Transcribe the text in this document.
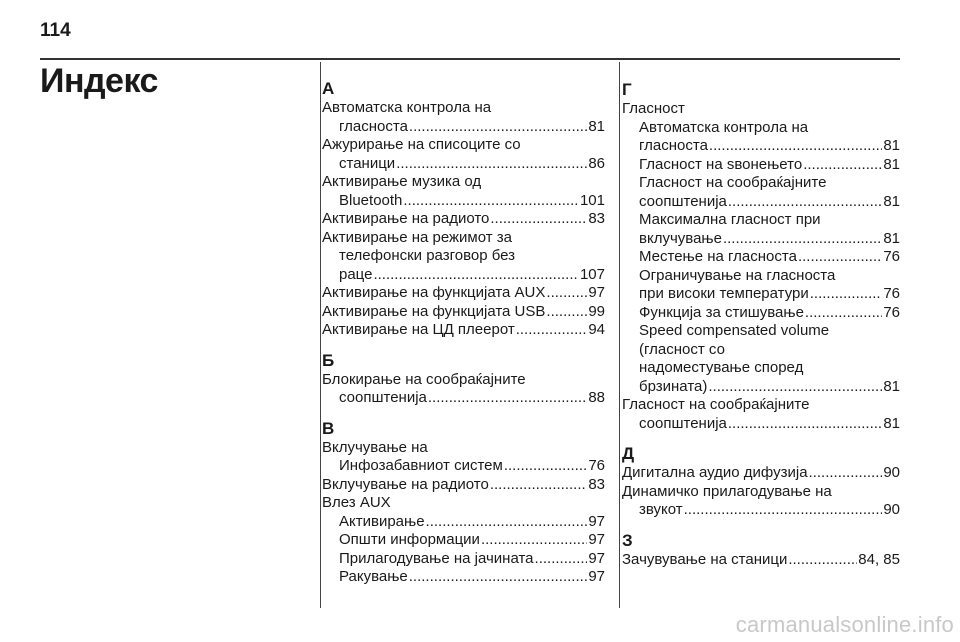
114
Индекс	А
Автоматска контрола на
гласноста .....	81
Ажурирање на списоците со
станици .....	86
Активирање музика од
Bluetooth .....	101
Активирање на радиото .....	83
Активирање на режимот за
телефонски разговор без
раце .....	107
Активирање на функцијата AUX .....	97
Активирање на функцијата USB .....	99
Активирање на ЦД плеерот .....	94
Б
Блокирање на сообраќајните
соопштенија .....	88
В
Вклучување на
Инфозабавниот систем .....	76
Вклучување на радиото .....	83
Влез AUX
Активирање .....	97
Општи информации .....	97
Прилагодување на јачината .....	97
Ракување .....	97
Г
Гласност
Автоматска контрола на
гласноста .....	81
Гласност на ѕвонењето .....	81
Гласност на сообраќајните
соопштенија .....	81
Максимална гласност при
вклучување .....	81
Местење на гласноста .....	76
Ограничување на гласноста
при високи температури .....	76
Функција за стишување .....	76
Speed compensated volume
(гласност со
надоместување според
брзината) .....	81
Гласност на сообраќајните
соопштенија .....	81
Д
Дигитална аудио дифузија .....	90
Динамичко прилагодување на
звукот .....	90
З
Зачувување на станици .....	84, 85
carmanualsonline.info
